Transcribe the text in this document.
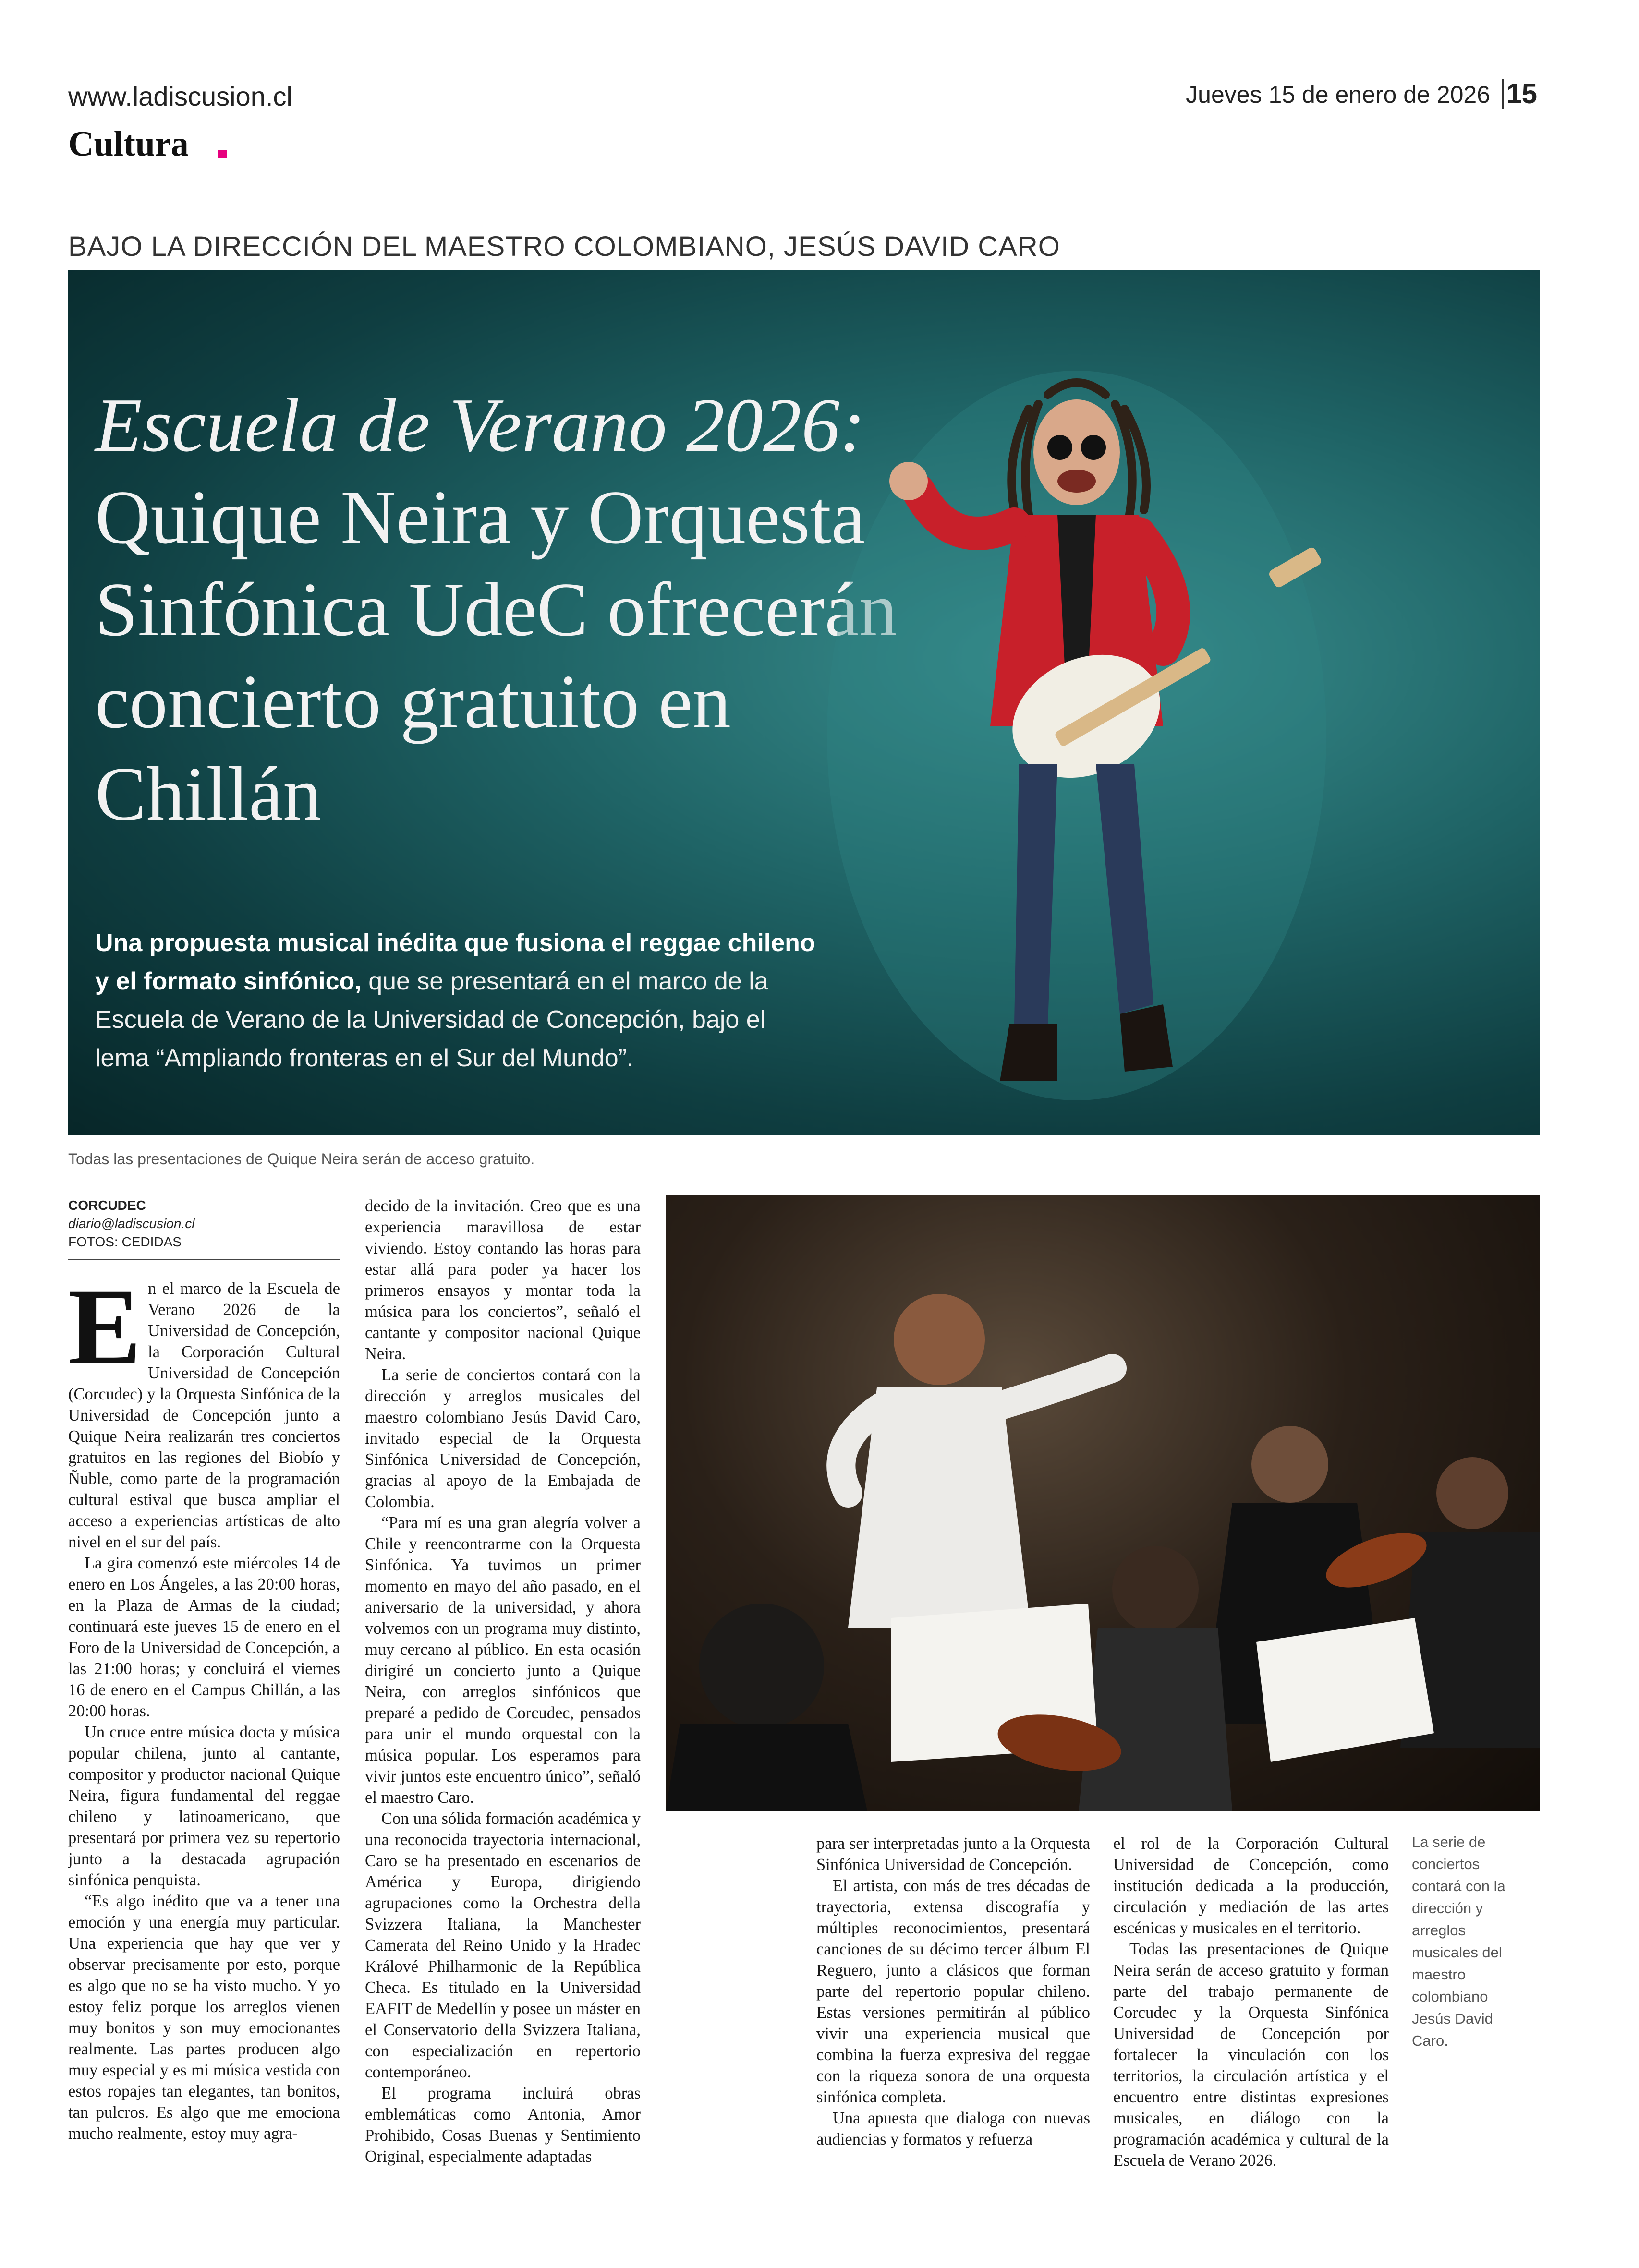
www.ladiscusion.cl	Jueves 15 de enero de 2026 15
Cultura
BAJO LA DIRECCIÓN DEL MAESTRO COLOMBIANO, JESÚS DAVID CARO
Escuela de Verano 2026: Quique Neira y Orquesta Sinfónica UdeC ofrecerán concierto gratuito en Chillán
Una propuesta musical inédita que fusiona el reggae chileno y el formato sinfónico, que se presentará en el marco de la Escuela de Verano de la Universidad de Concepción, bajo el lema “Ampliando fronteras en el Sur del Mundo”.
Todas las presentaciones de Quique Neira serán de acceso gratuito.
CORCUDEC
diario@ladiscusion.cl
FOTOS: CEDIDAS

En el marco de la Escuela de Verano 2026 de la Universidad de Concepción, la Corporación Cultural Universidad de Concepción (Corcudec) y la Orquesta Sinfónica de la Universidad de Concepción junto a Quique Neira realizarán tres conciertos gratuitos en las regiones del Biobío y Ñuble, como parte de la programación cultural estival que busca ampliar el acceso a experiencias artísticas de alto nivel en el sur del país.

La gira comenzó este miércoles 14 de enero en Los Ángeles, a las 20:00 horas, en la Plaza de Armas de la ciudad; continuará este jueves 15 de enero en el Foro de la Universidad de Concepción, a las 21:00 horas; y concluirá el viernes 16 de enero en el Campus Chillán, a las 20:00 horas.

Un cruce entre música docta y música popular chilena, junto al cantante, compositor y productor nacional Quique Neira, figura fundamental del reggae chileno y latinoamericano, que presentará por primera vez su repertorio junto a la destacada agrupación sinfónica penquista.

“Es algo inédito que va a tener una emoción y una energía muy particular. Una experiencia que hay que ver y observar precisamente por esto, porque es algo que no se ha visto mucho. Y yo estoy feliz porque los arreglos vienen muy bonitos y son muy emocionantes realmente. Las partes producen algo muy especial y es mi música vestida con estos ropajes tan elegantes, tan bonitos, tan pulcros. Es algo que me emociona mucho realmente, estoy muy agra-

decido de la invitación. Creo que es una experiencia maravillosa de estar viviendo. Estoy contando las horas para estar allá para poder ya hacer los primeros ensayos y montar toda la música para los conciertos”, señaló el cantante y compositor nacional Quique Neira.

La serie de conciertos contará con la dirección y arreglos musicales del maestro colombiano Jesús David Caro, invitado especial de la Orquesta Sinfónica Universidad de Concepción, gracias al apoyo de la Embajada de Colombia.

“Para mí es una gran alegría volver a Chile y reencontrarme con la Orquesta Sinfónica. Ya tuvimos un primer momento en mayo del año pasado, en el aniversario de la universidad, y ahora volvemos con un programa muy distinto, muy cercano al público. En esta ocasión dirigiré un concierto junto a Quique Neira, con arreglos sinfónicos que preparé a pedido de Corcudec, pensados para unir el mundo orquestal con la música popular. Los esperamos para vivir juntos este encuentro único”, señaló el maestro Caro.

Con una sólida formación académica y una reconocida trayectoria internacional, Caro se ha presentado en escenarios de América y Europa, dirigiendo agrupaciones como la Orchestra della Svizzera Italiana, la Manchester Camerata del Reino Unido y la Hradec Králové Philharmonic de la República Checa. Es titulado en la Universidad EAFIT de Medellín y posee un máster en el Conservatorio della Svizzera Italiana, con especialización en repertorio contemporáneo.

El programa incluirá obras emblemáticas como Antonia, Amor Prohibido, Cosas Buenas y Sentimiento Original, especialmente adaptadas

para ser interpretadas junto a la Orquesta Sinfónica Universidad de Concepción.

El artista, con más de tres décadas de trayectoria, extensa discografía y múltiples reconocimientos, presentará canciones de su décimo tercer álbum El Reguero, junto a clásicos que forman parte del repertorio popular chileno. Estas versiones permitirán al público vivir una experiencia musical que combina la fuerza expresiva del reggae con la riqueza sonora de una orquesta sinfónica completa.

Una apuesta que dialoga con nuevas audiencias y formatos y refuerza

el rol de la Corporación Cultural Universidad de Concepción, como institución dedicada a la producción, circulación y mediación de las artes escénicas y musicales en el territorio.

Todas las presentaciones de Quique Neira serán de acceso gratuito y forman parte del trabajo permanente de Corcudec y la Orquesta Sinfónica Universidad de Concepción por fortalecer la vinculación con los territorios, la circulación artística y el encuentro entre distintas expresiones musicales, en diálogo con la programación académica y cultural de la Escuela de Verano 2026.

La serie de conciertos contará con la dirección y arreglos musicales del maestro colombiano Jesús David Caro.
